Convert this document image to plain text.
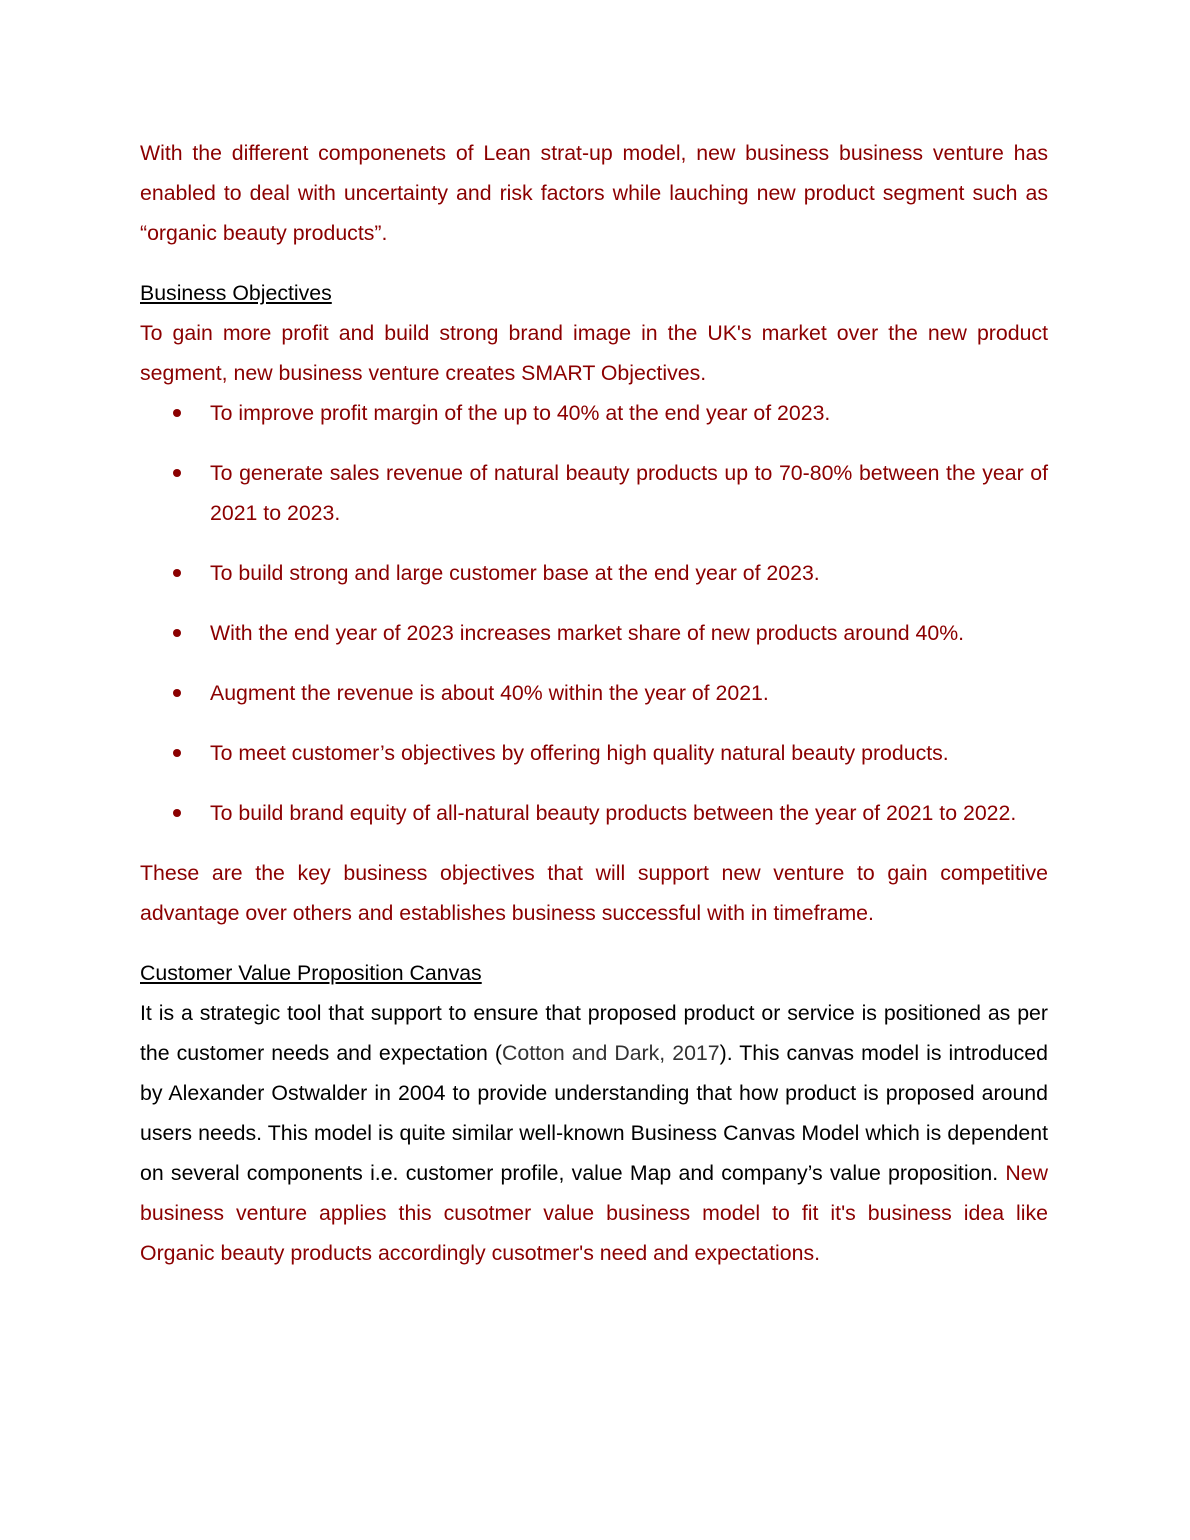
With the different componenets of Lean strat-up model, new business business venture has enabled to deal with uncertainty and risk factors while lauching new product segment such as “organic beauty products”.

Business Objectives

To gain more profit and build strong brand image in the UK's market over the new product segment, new business venture creates SMART Objectives.

To improve profit margin of the up to 40% at the end year of 2023.
To generate sales revenue of natural beauty products up to 70-80% between the year of 2021 to 2023.
To build strong and large customer base at the end year of 2023.
With the end year of 2023 increases market share of new products around 40%.
Augment the revenue is about 40% within the year of 2021.
To meet customer’s objectives by offering high quality natural beauty products.
To build brand equity of all-natural beauty products between the year of 2021 to 2022.

These are the key business objectives that will support new venture to gain competitive advantage over others and establishes business successful with in timeframe.

Customer Value Proposition Canvas

It is a strategic tool that support to ensure that proposed product or service is positioned as per the customer needs and expectation (Cotton and Dark, 2017). This canvas model is introduced by Alexander Ostwalder in 2004 to provide understanding that how product is proposed around users needs. This model is quite similar well-known Business Canvas Model which is dependent on several components i.e. customer profile, value Map and company’s value proposition. New business venture applies this cusotmer value business model to fit it's business idea like Organic beauty products accordingly cusotmer's need and expectations.
